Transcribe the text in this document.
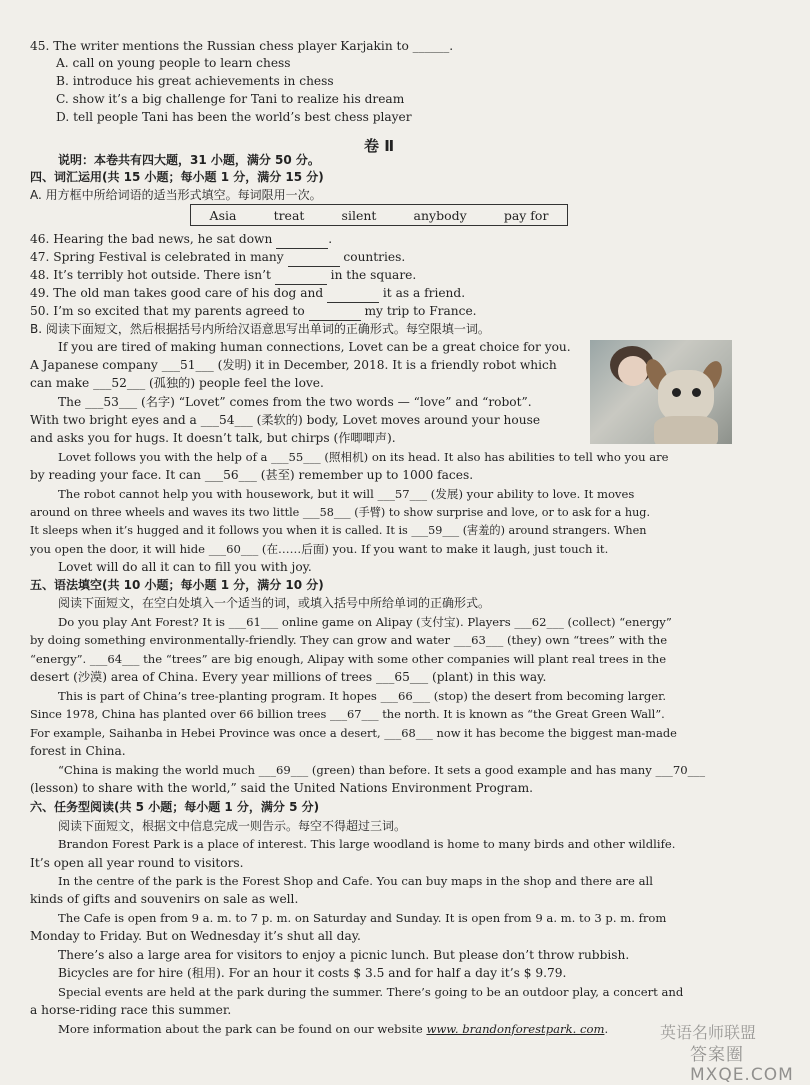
45. The writer mentions the Russian chess player Karjakin to ______.
A. call on young people to learn chess
B. introduce his great achievements in chess
C. show it’s a big challenge for Tani to realize his dream
D. tell people Tani has been the world’s best chess player
卷 Ⅱ
说明：本卷共有四大题，31 小题，满分 50 分。
四、词汇运用(共 15 小题；每小题 1 分，满分 15 分)
A. 用方框中所给词语的适当形式填空。每词限用一次。
Asia	treat	silent	anybody	pay for
46. Hearing the bad news, he sat down	.
47. Spring Festival is celebrated in many	countries.
48. It’s terribly hot outside. There isn’t	in the square.
49. The old man takes good care of his dog and	it as a friend.
50. I’m so excited that my parents agreed to	my trip to France.
B. 阅读下面短文，然后根据括号内所给汉语意思写出单词的正确形式。每空限填一词。
If you are tired of making human connections, Lovet can be a great choice for you.
A Japanese company ___51___ (发明) it in December, 2018. It is a friendly robot which
can make ___52___ (孤独的) people feel the love.
The ___53___ (名字) “Lovet” comes from the two words — “love” and “robot”.
With two bright eyes and a ___54___ (柔软的) body, Lovet moves around your house
and asks you for hugs. It doesn’t talk, but chirps (作唧唧声).
Lovet follows you with the help of a ___55___ (照相机) on its head. It also has abilities to tell who you are
by reading your face. It can ___56___ (甚至) remember up to 1000 faces.
The robot cannot help you with housework, but it will ___57___ (发展) your ability to love. It moves
around on three wheels and waves its two little ___58___ (手臂) to show surprise and love, or to ask for a hug.
It sleeps when it’s hugged and it follows you when it is called. It is ___59___ (害羞的) around strangers. When
you open the door, it will hide ___60___ (在……后面) you. If you want to make it laugh, just touch it.
Lovet will do all it can to fill you with joy.
五、语法填空(共 10 小题；每小题 1 分，满分 10 分)
阅读下面短文，在空白处填入一个适当的词，或填入括号中所给单词的正确形式。
Do you play Ant Forest? It is ___61___ online game on Alipay (支付宝). Players ___62___ (collect) “energy”
by doing something environmentally-friendly. They can grow and water ___63___ (they) own “trees” with the
“energy”. ___64___ the “trees” are big enough, Alipay with some other companies will plant real trees in the
desert (沙漠) area of China. Every year millions of trees ___65___ (plant) in this way.
This is part of China’s tree-planting program. It hopes ___66___ (stop) the desert from becoming larger.
Since 1978, China has planted over 66 billion trees ___67___ the north. It is known as “the Great Green Wall”.
For example, Saihanba in Hebei Province was once a desert, ___68___ now it has become the biggest man-made
forest in China.
“China is making the world much ___69___ (green) than before. It sets a good example and has many ___70___
(lesson) to share with the world,” said the United Nations Environment Program.
六、任务型阅读(共 5 小题；每小题 1 分，满分 5 分)
阅读下面短文，根据文中信息完成一则告示。每空不得超过三词。
Brandon Forest Park is a place of interest. This large woodland is home to many birds and other wildlife.
It’s open all year round to visitors.
In the centre of the park is the Forest Shop and Cafe. You can buy maps in the shop and there are all
kinds of gifts and souvenirs on sale as well.
The Cafe is open from 9 a. m. to 7 p. m. on Saturday and Sunday. It is open from 9 a. m. to 3 p. m. from
Monday to Friday. But on Wednesday it’s shut all day.
There’s also a large area for visitors to enjoy a picnic lunch. But please don’t throw rubbish.
Bicycles are for hire (租用). For an hour it costs $ 3.5 and for half a day it’s $ 9.79.
Special events are held at the park during the summer. There’s going to be an outdoor play, a concert and
a horse-riding race this summer.
More information about the park can be found on our website www. brandonforestpark. com.	英语名师联盟
答案圈 MXQE.COM
